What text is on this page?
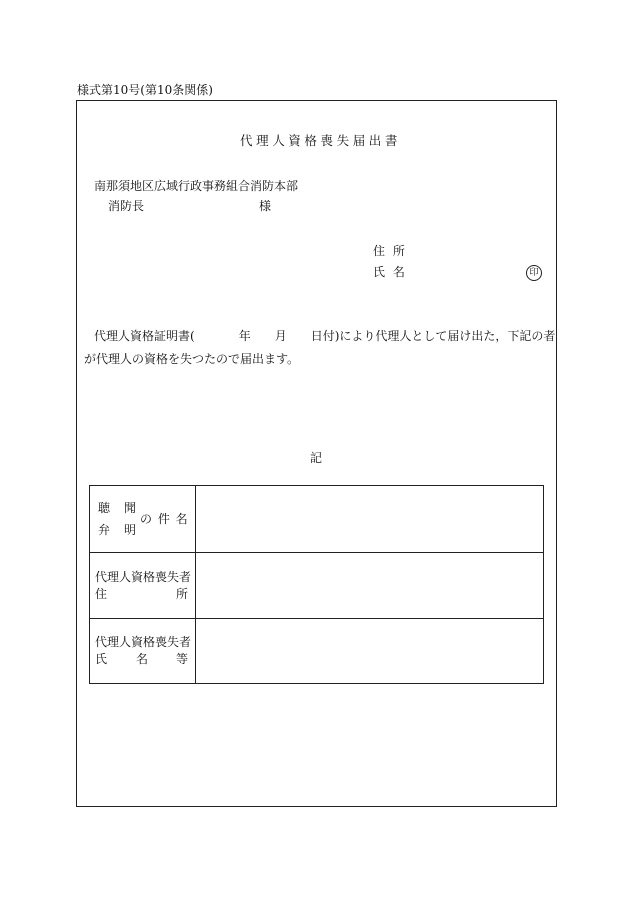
様式第10号(第10条関係)
代理人資格喪失届出書
南那須地区広域行政事務組合消防本部
消防長	様
住 所
氏 名	印
代理人資格証明書(	年 月 日付)により代理人として届け出た，下記の者
が代理人の資格を失つたので届出ます。
記
聴　聞
弁　明
の 件 名
代理人資格喪失者
住	所
代理人資格喪失者
氏 名 等
